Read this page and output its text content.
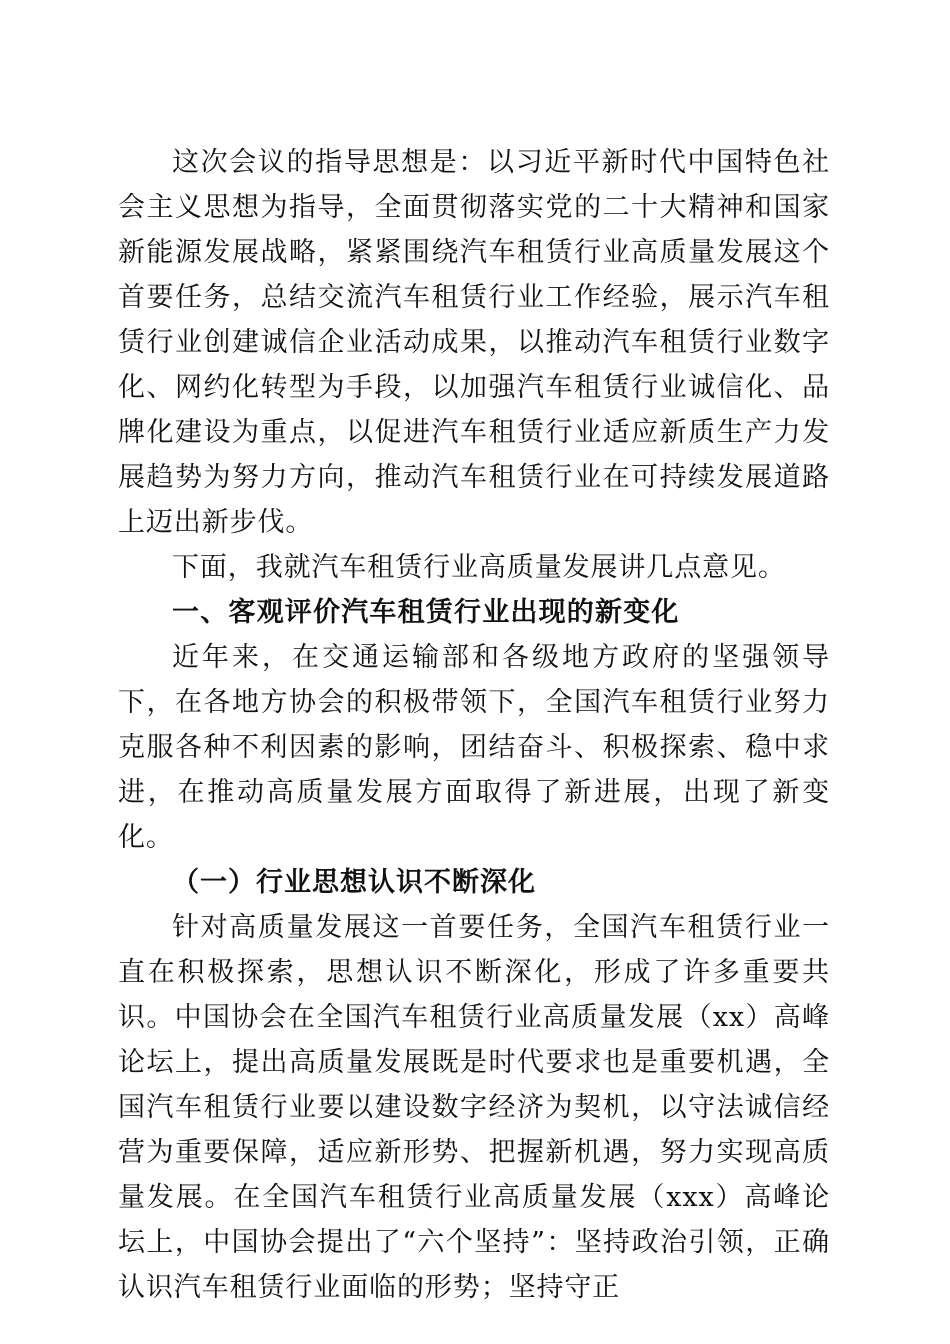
这次会议的指导思想是：以习近平新时代中国特色社会主义思想为指导，全面贯彻落实党的二十大精神和国家新能源发展战略，紧紧围绕汽车租赁行业高质量发展这个首要任务，总结交流汽车租赁行业工作经验，展示汽车租赁行业创建诚信企业活动成果，以推动汽车租赁行业数字化、网约化转型为手段，以加强汽车租赁行业诚信化、品牌化建设为重点，以促进汽车租赁行业适应新质生产力发展趋势为努力方向，推动汽车租赁行业在可持续发展道路上迈出新步伐。

下面，我就汽车租赁行业高质量发展讲几点意见。

一、客观评价汽车租赁行业出现的新变化

近年来，在交通运输部和各级地方政府的坚强领导下，在各地方协会的积极带领下，全国汽车租赁行业努力克服各种不利因素的影响，团结奋斗、积极探索、稳中求进，在推动高质量发展方面取得了新进展，出现了新变化。

（一）行业思想认识不断深化

针对高质量发展这一首要任务，全国汽车租赁行业一直在积极探索，思想认识不断深化，形成了许多重要共识。中国协会在全国汽车租赁行业高质量发展（xx）高峰论坛上，提出高质量发展既是时代要求也是重要机遇，全国汽车租赁行业要以建设数字经济为契机，以守法诚信经营为重要保障，适应新形势、把握新机遇，努力实现高质量发展。在全国汽车租赁行业高质量发展（xxx）高峰论坛上，中国协会提出了“六个坚持”：坚持政治引领，正确认识汽车租赁行业面临的形势；坚持守正
